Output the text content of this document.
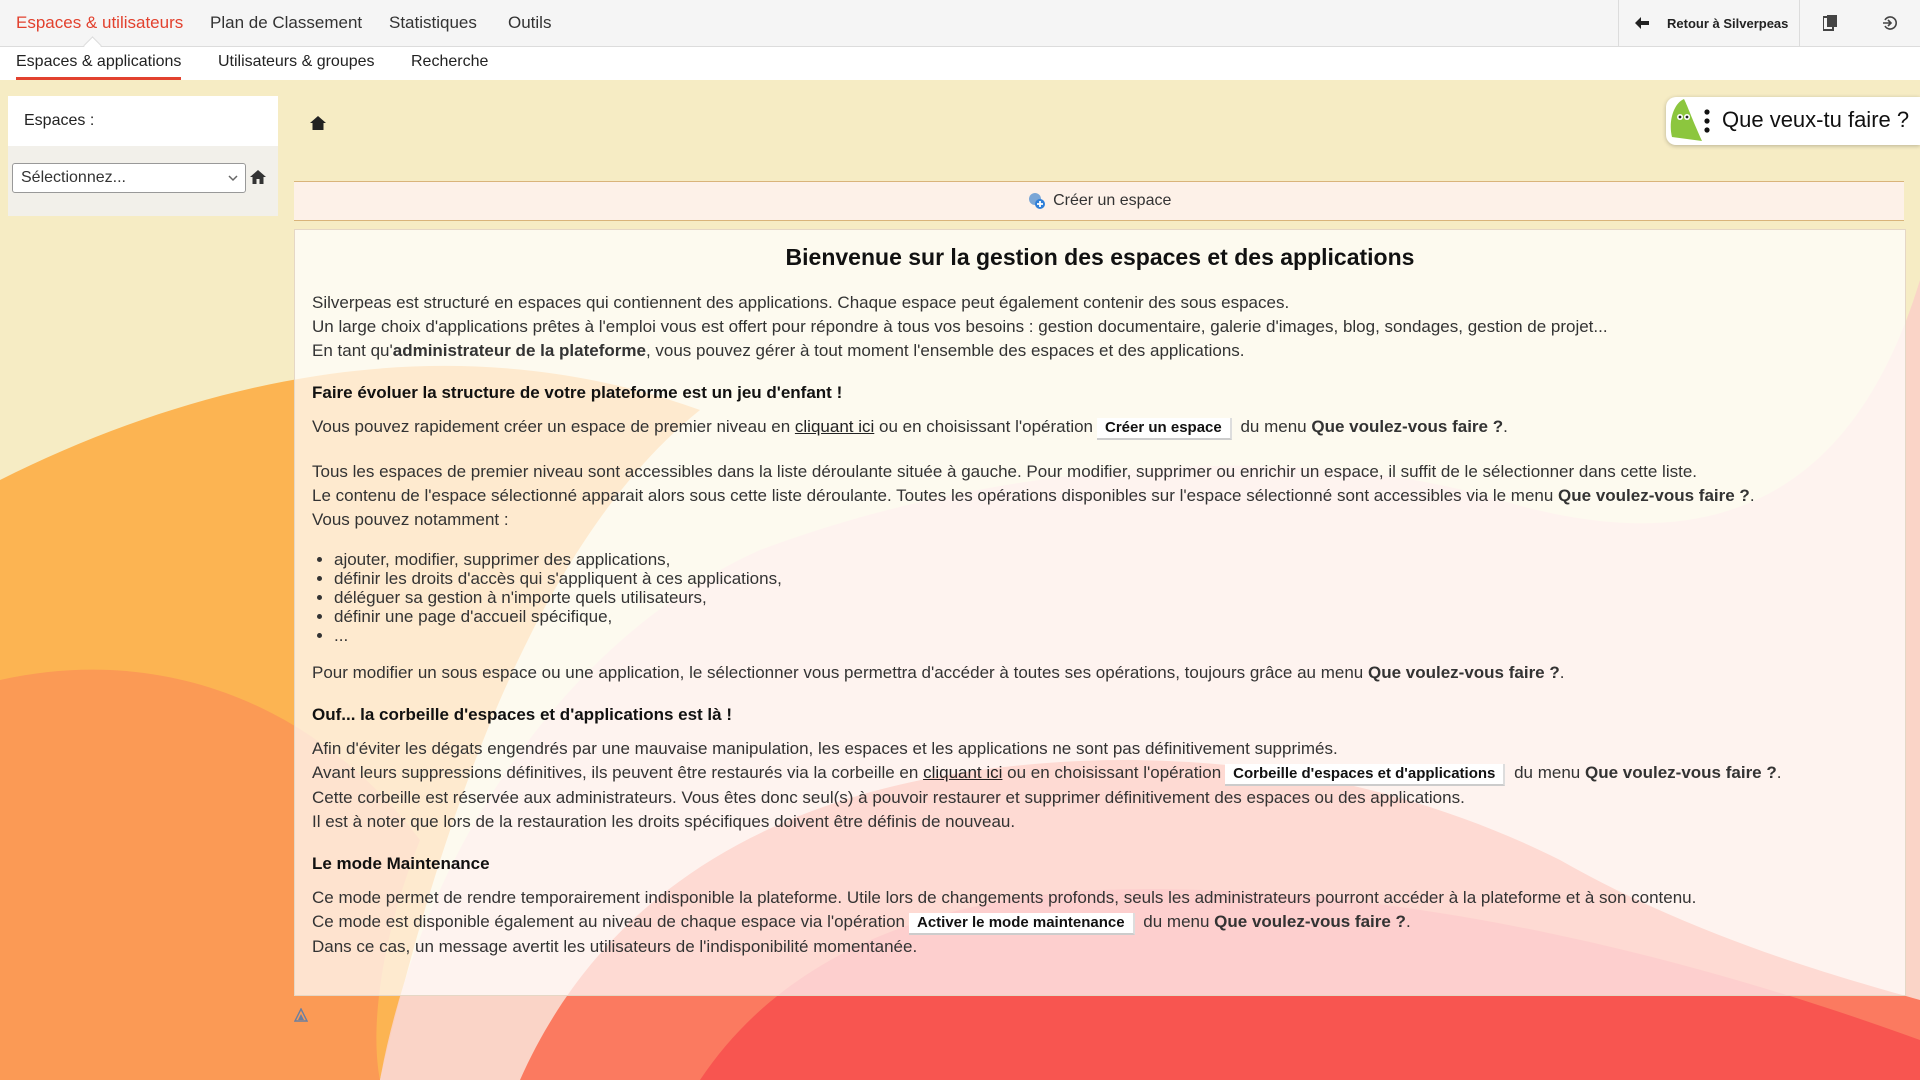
Espaces & utilisateurs Plan de Classement Statistiques Outils	Retour à Silverpeas
Espaces & applications Utilisateurs & groupes Recherche
Espaces :
Sélectionnez...
Que veux-tu faire ?
Créer un espace
Bienvenue sur la gestion des espaces et des applications

Silverpeas est structuré en espaces qui contiennent des applications. Chaque espace peut également contenir des sous espaces.

Un large choix d'applications prêtes à l'emploi vous est offert pour répondre à tous vos besoins : gestion documentaire, galerie d'images, blog, sondages, gestion de projet...

En tant qu'administrateur de la plateforme, vous pouvez gérer à tout moment l'ensemble des espaces et des applications.

Faire évoluer la structure de votre plateforme est un jeu d'enfant !

Vous pouvez rapidement créer un espace de premier niveau en cliquant ici ou en choisissant l'opération Créer un espace du menu Que voulez-vous faire ?.

Tous les espaces de premier niveau sont accessibles dans la liste déroulante située à gauche. Pour modifier, supprimer ou enrichir un espace, il suffit de le sélectionner dans cette liste.

Le contenu de l'espace sélectionné apparait alors sous cette liste déroulante. Toutes les opérations disponibles sur l'espace sélectionné sont accessibles via le menu Que voulez-vous faire ?.

Vous pouvez notamment :

• ajouter, modifier, supprimer des applications,
• définir les droits d'accès qui s'appliquent à ces applications,
• déléguer sa gestion à n'importe quels utilisateurs,
• définir une page d'accueil spécifique,
• ...

Pour modifier un sous espace ou une application, le sélectionner vous permettra d'accéder à toutes ses opérations, toujours grâce au menu Que voulez-vous faire ?.

Ouf... la corbeille d'espaces et d'applications est là !

Afin d'éviter les dégats engendrés par une mauvaise manipulation, les espaces et les applications ne sont pas définitivement supprimés.

Avant leurs suppressions définitives, ils peuvent être restaurés via la corbeille en cliquant ici ou en choisissant l'opération Corbeille d'espaces et d'applications du menu Que voulez-vous faire ?.

Cette corbeille est réservée aux administrateurs. Vous êtes donc seul(s) à pouvoir restaurer et supprimer définitivement des espaces ou des applications.

Il est à noter que lors de la restauration les droits spécifiques doivent être définis de nouveau.

Le mode Maintenance

Ce mode permet de rendre temporairement indisponible la plateforme. Utile lors de changements profonds, seuls les administrateurs pourront accéder à la plateforme et à son contenu.

Ce mode est disponible également au niveau de chaque espace via l'opération Activer le mode maintenance du menu Que voulez-vous faire ?.

Dans ce cas, un message avertit les utilisateurs de l'indisponibilité momentanée.
